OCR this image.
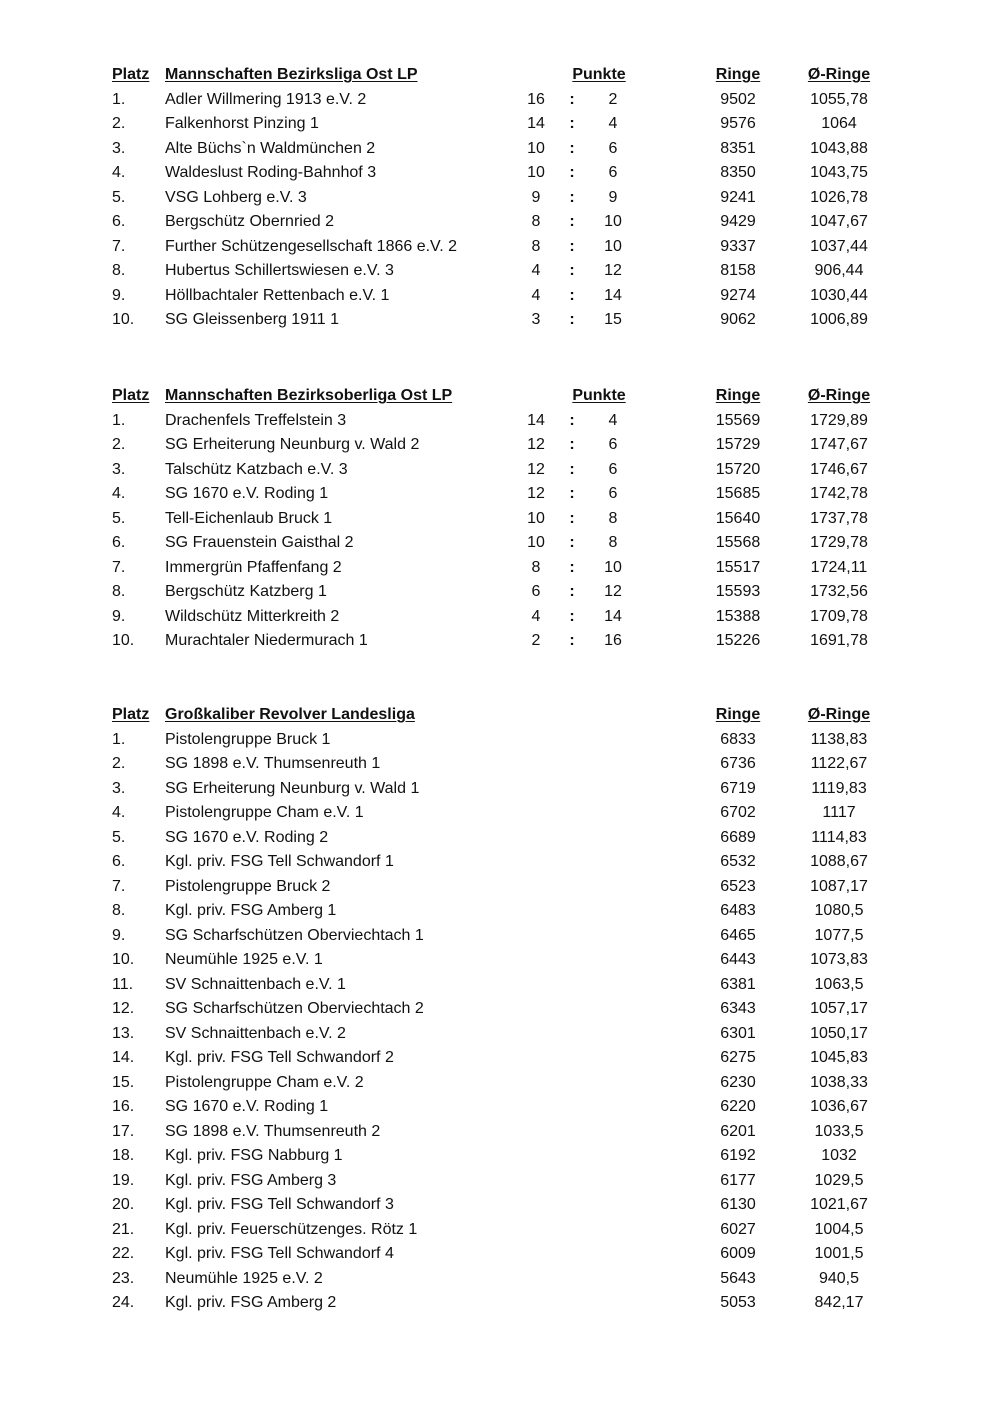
Platz Mannschaften Bezirksliga Ost LP	Punkte	Ringe	Ø-Ringe
1. Adler Willmering 1913 e.V. 2	16	:	2	9502	1055,78
2. Falkenhorst Pinzing 1	14	:	4	9576	1064
3. Alte Büchs`n Waldmünchen 2	10	:	6	8351	1043,88
4. Waldeslust Roding-Bahnhof 3	10	:	6	8350	1043,75
5. VSG Lohberg e.V. 3	9	:	9	9241	1026,78
6. Bergschütz Obernried 2	8	:	10	9429	1047,67
7. Further Schützengesellschaft 1866 e.V. 2	8	:	10	9337	1037,44
8. Hubertus Schillertswiesen e.V. 3	4	:	12	8158	906,44
9. Höllbachtaler Rettenbach e.V. 1	4	:	14	9274	1030,44
10. SG Gleissenberg 1911 1	3	:	15	9062	1006,89
Platz Mannschaften Bezirksoberliga Ost LP	Punkte	Ringe	Ø-Ringe
1. Drachenfels Treffelstein 3	14	:	4	15569	1729,89
2. SG Erheiterung Neunburg v. Wald 2	12	:	6	15729	1747,67
3. Talschütz Katzbach e.V. 3	12	:	6	15720	1746,67
4. SG 1670 e.V. Roding 1	12	:	6	15685	1742,78
5. Tell-Eichenlaub Bruck 1	10	:	8	15640	1737,78
6. SG Frauenstein Gaisthal 2	10	:	8	15568	1729,78
7. Immergrün Pfaffenfang 2	8	:	10	15517	1724,11
8. Bergschütz Katzberg 1	6	:	12	15593	1732,56
9. Wildschütz Mitterkreith 2	4	:	14	15388	1709,78
10. Murachtaler Niedermurach 1	2	:	16	15226	1691,78
Platz Großkaliber Revolver Landesliga	Ringe	Ø-Ringe
1. Pistolengruppe Bruck 1	6833	1138,83
2. SG 1898 e.V. Thumsenreuth 1	6736	1122,67
3. SG Erheiterung Neunburg v. Wald 1	6719	1119,83
4. Pistolengruppe Cham e.V. 1	6702	1117
5. SG 1670 e.V. Roding 2	6689	1114,83
6. Kgl. priv. FSG Tell Schwandorf 1	6532	1088,67
7. Pistolengruppe Bruck 2	6523	1087,17
8. Kgl. priv. FSG Amberg 1	6483	1080,5
9. SG Scharfschützen Oberviechtach 1	6465	1077,5
10. Neumühle 1925 e.V. 1	6443	1073,83
11. SV Schnaittenbach e.V. 1	6381	1063,5
12. SG Scharfschützen Oberviechtach 2	6343	1057,17
13. SV Schnaittenbach e.V. 2	6301	1050,17
14. Kgl. priv. FSG Tell Schwandorf 2	6275	1045,83
15. Pistolengruppe Cham e.V. 2	6230	1038,33
16. SG 1670 e.V. Roding 1	6220	1036,67
17. SG 1898 e.V. Thumsenreuth 2	6201	1033,5
18. Kgl. priv. FSG Nabburg 1	6192	1032
19. Kgl. priv. FSG Amberg 3	6177	1029,5
20. Kgl. priv. FSG Tell Schwandorf 3	6130	1021,67
21. Kgl. priv. Feuerschützenges. Rötz 1	6027	1004,5
22. Kgl. priv. FSG Tell Schwandorf 4	6009	1001,5
23. Neumühle 1925 e.V. 2	5643	940,5
24. Kgl. priv. FSG Amberg 2	5053	842,17
